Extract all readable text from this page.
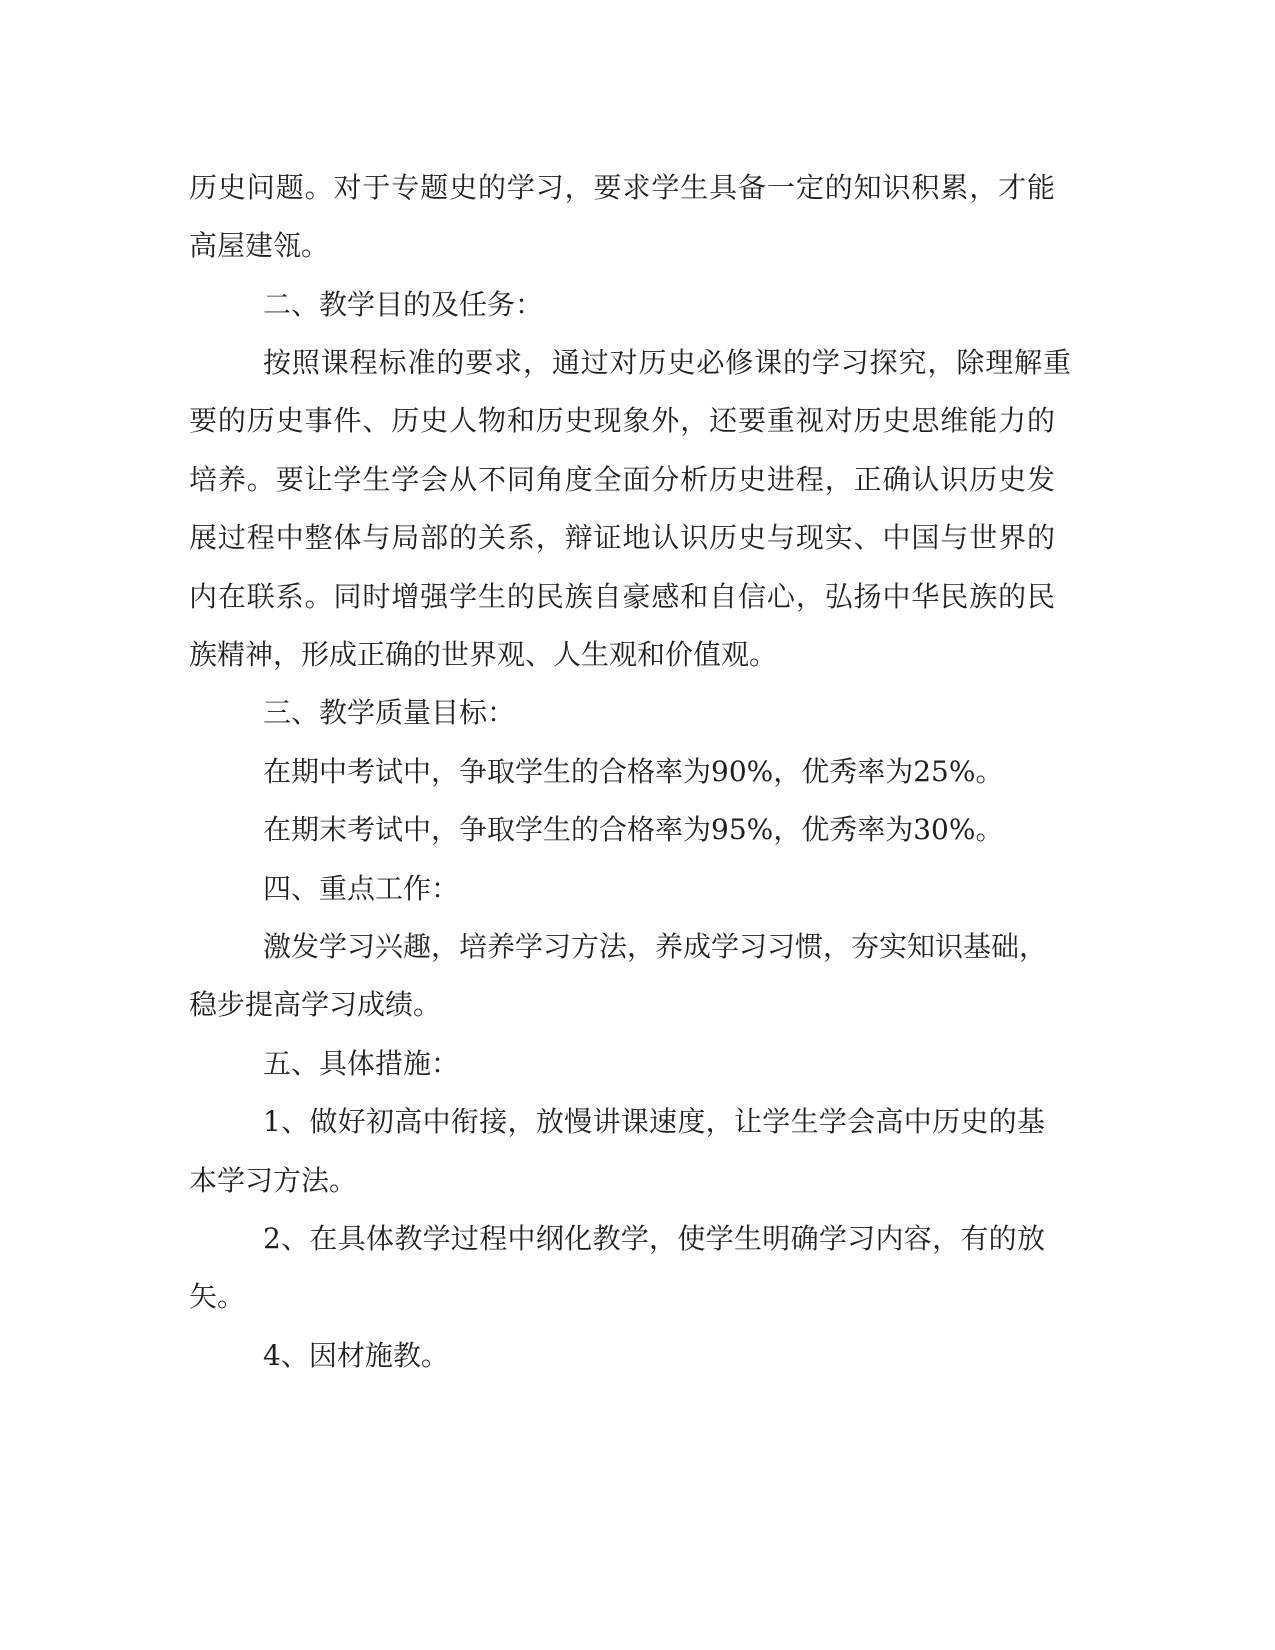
历史问题。对于专题史的学习，要求学生具备一定的知识积累，才能
高屋建瓴。
二、教学目的及任务：
按照课程标准的要求，通过对历史必修课的学习探究，除理解重
要的历史事件、历史人物和历史现象外，还要重视对历史思维能力的
培养。要让学生学会从不同角度全面分析历史进程，正确认识历史发
展过程中整体与局部的关系，辩证地认识历史与现实、中国与世界的
内在联系。同时增强学生的民族自豪感和自信心，弘扬中华民族的民
族精神，形成正确的世界观、人生观和价值观。
三、教学质量目标：
在期中考试中，争取学生的合格率为90%，优秀率为25%。
在期末考试中，争取学生的合格率为95%，优秀率为30%。
四、重点工作：
激发学习兴趣，培养学习方法，养成学习习惯，夯实知识基础，
稳步提高学习成绩。
五、具体措施：
1、做好初高中衔接，放慢讲课速度，让学生学会高中历史的基
本学习方法。
2、在具体教学过程中纲化教学，使学生明确学习内容，有的放
矢。
4、因材施教。
